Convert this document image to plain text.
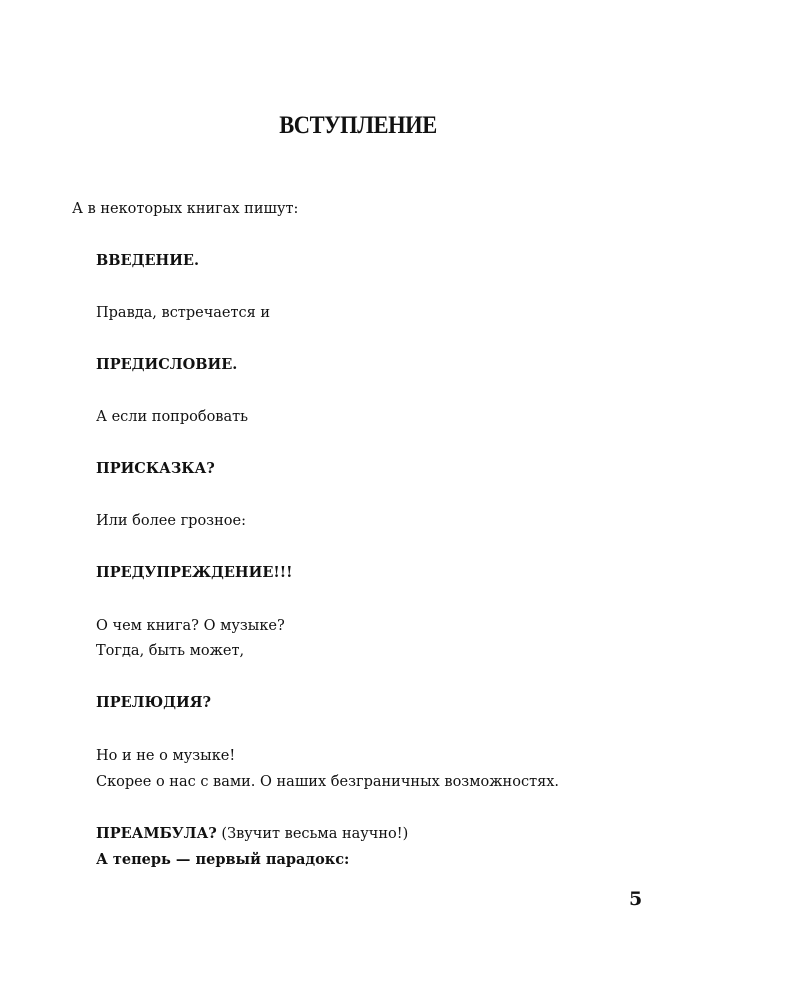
ВСТУПЛЕНИЕ
А в некоторых книгах пишут:
ВВЕДЕНИЕ.
Правда, встречается и
ПРЕДИСЛОВИЕ.
А если попробовать
ПРИСКАЗКА?
Или более грозное:
ПРЕДУПРЕЖДЕНИЕ!!!
О чем книга? О музыке?
Тогда, быть может,
ПРЕЛЮДИЯ?
Но и не о музыке!
Скорее о нас с вами. О наших безграничных возможностях.
ПРЕАМБУЛА? (Звучит весьма научно!)
А теперь — первый парадокс:
5
